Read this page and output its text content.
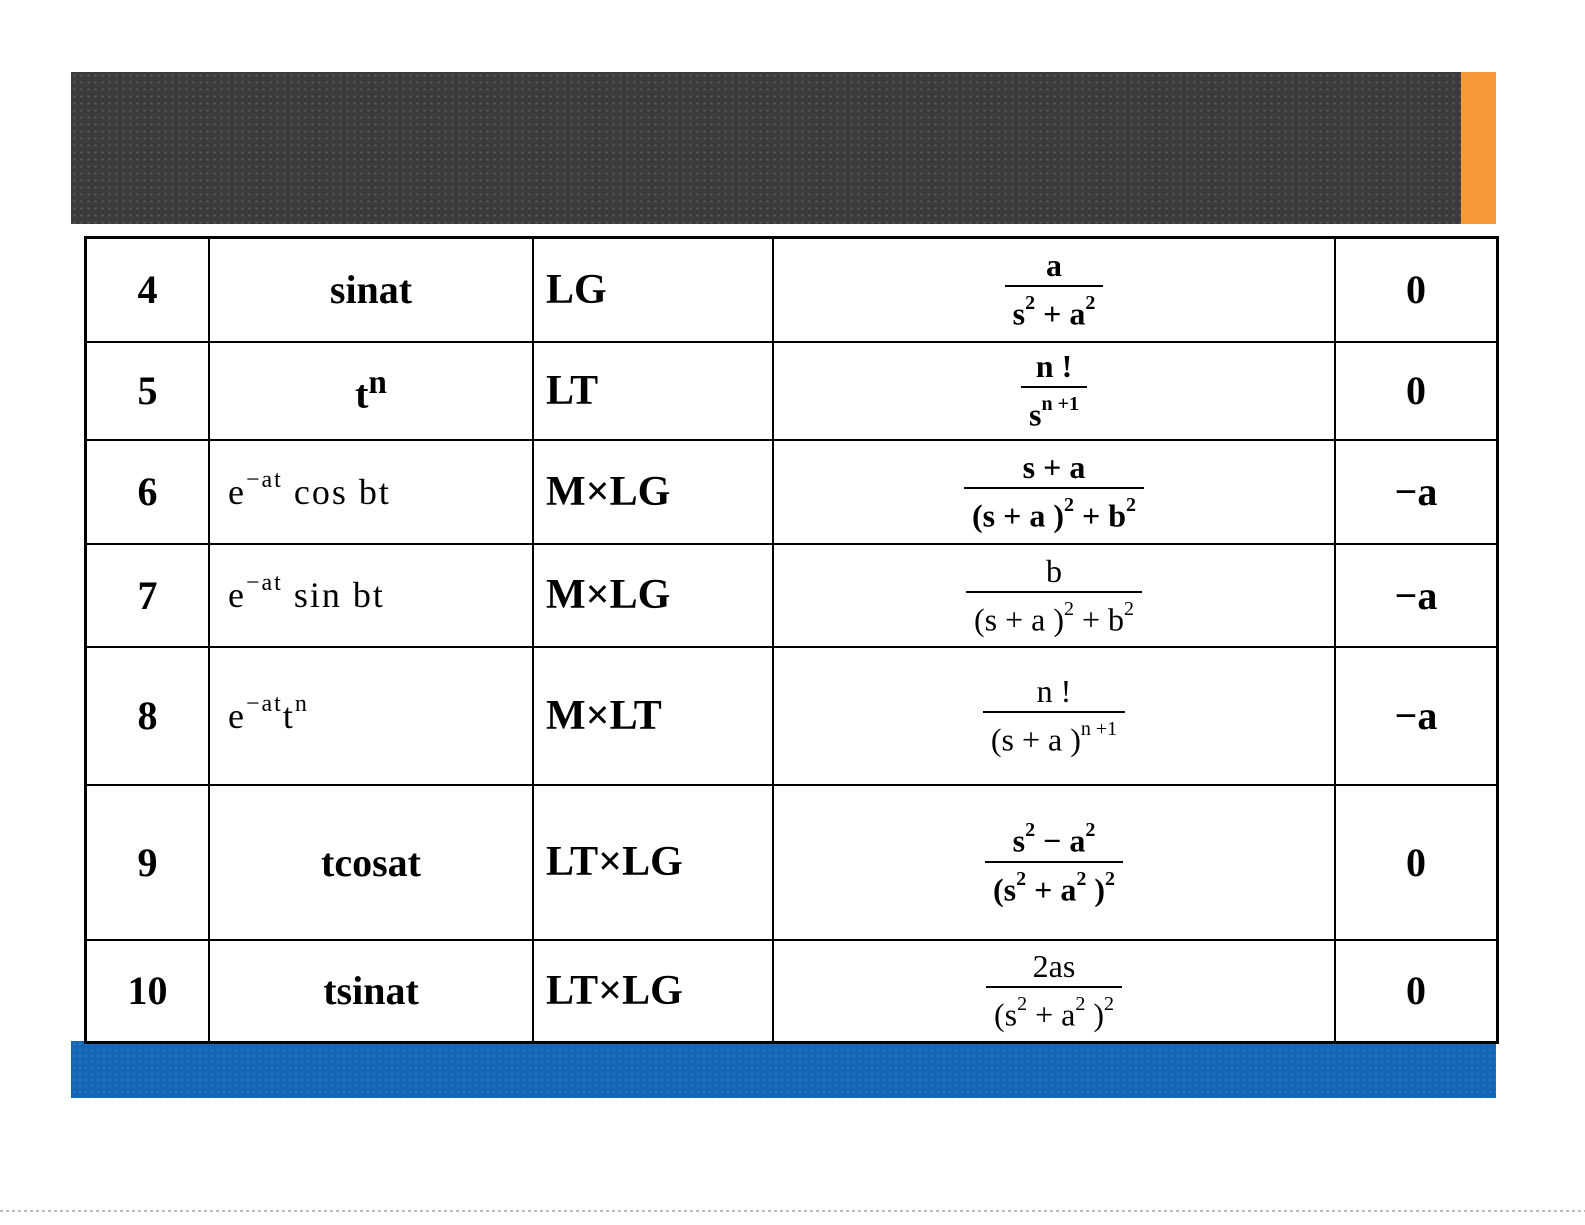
4	sinat	LG	$\frac{a}{s^2 + a^2}$	0
5	$t^n$	LT	$\frac{n !}{s^{n +1}}$	0
6	$e^{-at}$ cos bt	M×LG	$\frac{s + a}{(s + a )^2 + b^2}$	−a
7	$e^{-at}$ sin bt	M×LG	$\frac{b}{(s + a )^2 + b^2}$	−a
8	$e^{-at}t^n$	M×LT	$\frac{n !}{(s + a )^{n +1}}$	−a
9	tcosat	LT×LG	$\frac{s^2 - a^2}{(s^2 + a^2 )^2}$	0
10	tsinat	LT×LG	$\frac{2as}{(s^2 + a^2 )^2}$	0
